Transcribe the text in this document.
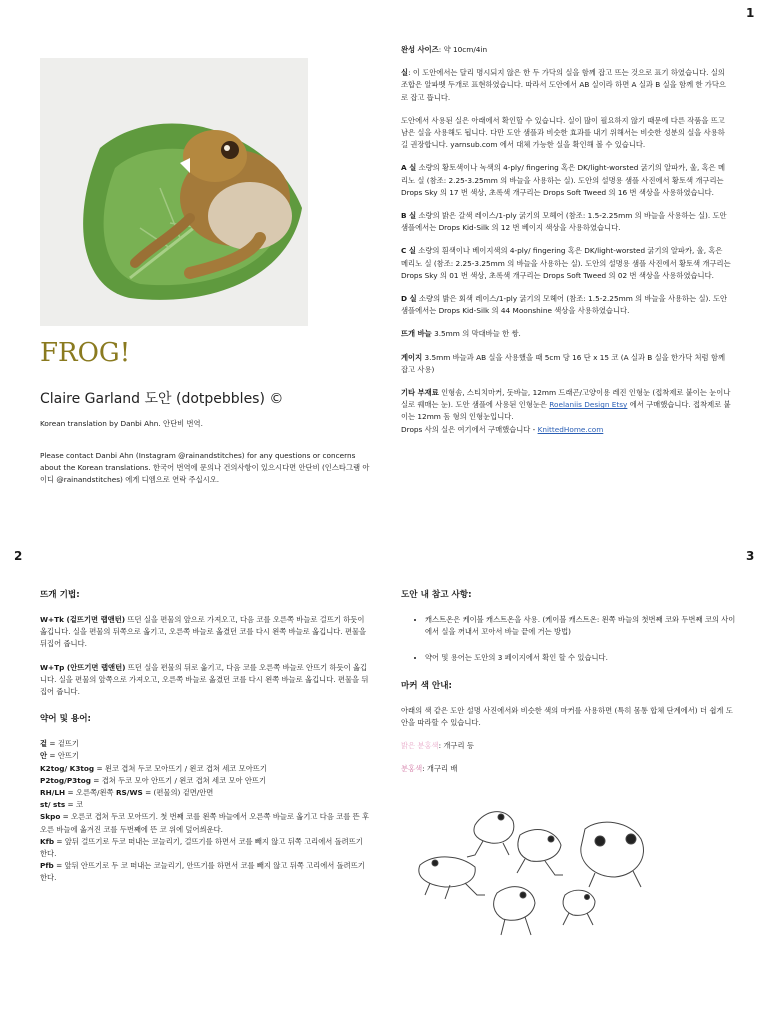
1
2	3
FROG!
Claire Garland 도안 (dotpebbles) ©

Korean translation by Danbi Ahn. 안단비 번역.

Please contact Danbi Ahn (Instagram @rainandstitches) for any questions or concerns about the Korean translations. 한국어 번역에 문의나 건의사항이 있으시다면 안단비 (인스타그램 아이디 @rainandstitches) 에게 디엠으로 연락 주십시오.

완성 사이즈: 약 10cm/4in

실: 이 도안에서는 달리 명시되지 않은 한 두 가닥의 실을 함께 잡고 뜨는 것으로 표기 하였습니다. 실의 조합은 알파벳 두개로 표현하였습니다. 따라서 도안에서 AB 실이라 하면 A 실과 B 실을 함께 한 가닥으로 잡고 뜹니다.

도안에서 사용된 실은 아래에서 확인할 수 있습니다. 실이 많이 필요하지 않기 때문에 다른 작품을 뜨고 남은 실을 사용해도 됩니다. 다만 도안 샘플과 비슷한 효과를 내기 위해서는 비슷한 성분의 실을 사용하길 권장합니다. yarnsub.com 에서 대체 가능한 실을 확인해 볼 수 있습니다.

A 실 소량의 황토색이나 녹색의 4-ply/ fingering 혹은 DK/light-worsted 굵기의 알파카, 울, 혹은 메리노 실 (참조: 2.25-3.25mm 의 바늘을 사용하는 실). 도안의 설명용 샘플 사진에서 황토색 개구리는 Drops Sky 의 17 번 색상, 초록색 개구리는 Drops Soft Tweed 의 16 번 색상을 사용하였습니다.

B 실 소량의 밝은 갈색 레이스/1-ply 굵기의 모헤어 (참조: 1.5-2.25mm 의 바늘을 사용하는 실). 도안 샘플에서는 Drops Kid-Silk 의 12 번 베이지 색상을 사용하였습니다.

C 실 소량의 흰색이나 베이지색의 4-ply/ fingering 혹은 DK/light-worsted 굵기의 알파카, 울, 혹은 메리노 실 (참조: 2.25-3.25mm 의 바늘을 사용하는 실). 도안의 설명용 샘플 사진에서 황토색 개구리는 Drops Sky 의 01 번 색상, 초록색 개구리는 Drops Soft Tweed 의 02 번 색상을 사용하였습니다.

D 실 소량의 밝은 회색 레이스/1-ply 굵기의 모헤어 (참조: 1.5-2.25mm 의 바늘을 사용하는 실). 도안 샘플에서는 Drops Kid-Silk 의 44 Moonshine 색상을 사용하였습니다.

뜨개 바늘 3.5mm 의 막대바늘 한 쌍.

게이지 3.5mm 바늘과 AB 실을 사용했을 때 5cm 당 16 단 x 15 코 (A 실과 B 실을 한가닥 처럼 함께 잡고 사용)

기타 부재료 인형솜, 스티치마커, 돗바늘, 12mm 드래곤/고양이용 레진 인형눈 (접착제로 붙이는 눈이나 실로 꿰매는 눈). 도안 샘플에 사용된 인형눈은 Roelaniis Design Etsy 에서 구매했습니다. 접착제로 붙이는 12mm 돔 형의 인형눈입니다.
Drops 사의 실은 여기에서 구매했습니다 - KnittedHome.com

뜨개 기법:

W+Tk (겉뜨기면 랩앤턴) 뜨던 실을 편물의 앞으로 가져오고, 다음 코를 오른쪽 바늘로 걸뜨기 하듯이 옮깁니다. 실을 편물의 뒤쪽으로 옮기고, 오른쪽 바늘로 옮겼던 코를 다시 왼쪽 바늘로 옮깁니다. 편물을 뒤집어 줍니다.

W+Tp (안뜨기면 랩앤턴) 뜨던 실을 편물의 뒤로 옮기고, 다음 코를 오른쪽 바늘로 안뜨기 하듯이 옮깁니다. 실을 편물의 앞쪽으로 가져오고, 오른쪽 바늘로 옮겼던 코를 다시 왼쪽 바늘로 옮깁니다. 편물을 뒤집어 줍니다.

약어 및 용어:

겉 = 겉뜨기

안 = 안뜨기

K2tog/ K3tog = 왼코 겹쳐 두코 모아뜨기 / 왼코 겹쳐 세코 모아뜨기

P2tog/P3tog = 겹쳐 두코 모아 안뜨기 / 왼코 겹쳐 세코 모아 안뜨기

RH/LH = 오른쪽/왼쪽 RS/WS = (편물의) 겉면/안면

st/ sts = 코

Skpo = 오른코 겹쳐 두코 모아뜨기. 첫 번째 코를 왼쪽 바늘에서 오른쪽 바늘로 옮기고 다음 코를 뜬 후 오른 바늘에 옮겨진 코를 두번째에 뜬 코 위에 덮어씌운다.

Kfb = 앞뒤 걸뜨기로 두코 떠내는 코늘리기, 걸뜨기를 하면서 코를 빼지 않고 뒤쪽 고리에서 돌려뜨기 한다.

Pfb = 앞뒤 안뜨기로 두 코 떠내는 코늘리기, 안뜨기를 하면서 코를 빼지 않고 뒤쪽 고리에서 돌려뜨기 한다.

도안 내 참고 사항:
• 캐스트온은 케이블 캐스트온을 사용. (케이블 캐스트온: 왼쪽 바늘의 첫번째 코와 두번째 코의 사이에서 실을 꺼내서 꼬아서 바늘 끝에 거는 방법)
• 약어 및 용어는 도안의 3 페이지에서 확인 할 수 있습니다.
마커 색 안내:

아래의 색 같은 도안 설명 사진에서와 비슷한 색의 마커를 사용하면 (특히 몸통 합체 단계에서) 더 쉽게 도안을 따라할 수 있습니다.

밝은 분홍색: 개구리 등

분홍색: 개구리 배
